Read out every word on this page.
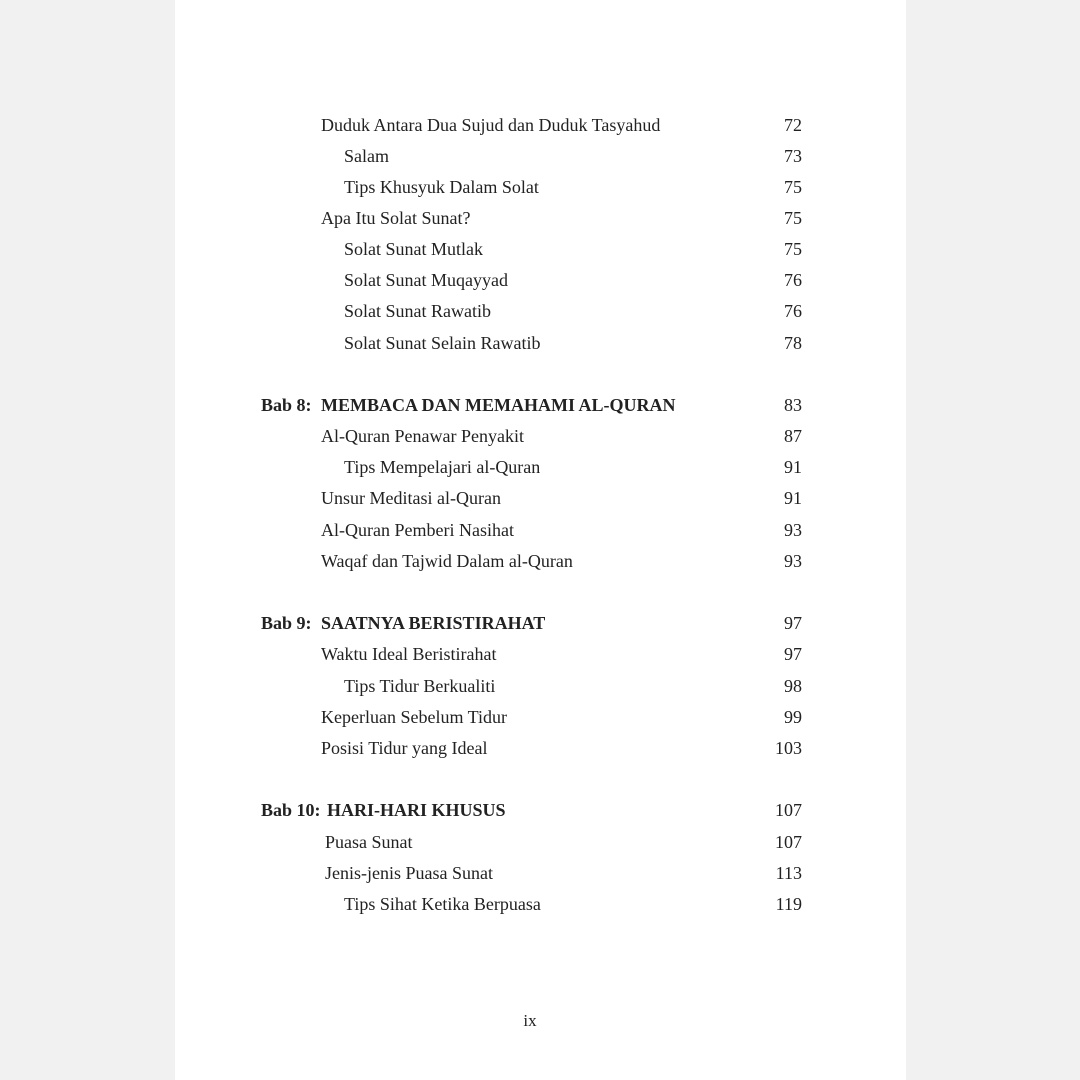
Duduk Antara Dua Sujud dan Duduk Tasyahud	72
Salam	73
Tips Khusyuk Dalam Solat	75
Apa Itu Solat Sunat?	75
Solat Sunat Mutlak	75
Solat Sunat Muqayyad	76
Solat Sunat Rawatib	76
Solat Sunat Selain Rawatib	78
Bab 8: MEMBACA DAN MEMAHAMI AL-QURAN	83
Al-Quran Penawar Penyakit	87
Tips Mempelajari al-Quran	91
Unsur Meditasi al-Quran	91
Al-Quran Pemberi Nasihat	93
Waqaf dan Tajwid Dalam al-Quran	93
Bab 9: SAATNYA BERISTIRAHAT	97
Waktu Ideal Beristirahat	97
Tips Tidur Berkualiti	98
Keperluan Sebelum Tidur	99
Posisi Tidur yang Ideal	103
Bab 10: HARI-HARI KHUSUS	107
Puasa Sunat	107
Jenis-jenis Puasa Sunat	113
Tips Sihat Ketika Berpuasa	119
ix
